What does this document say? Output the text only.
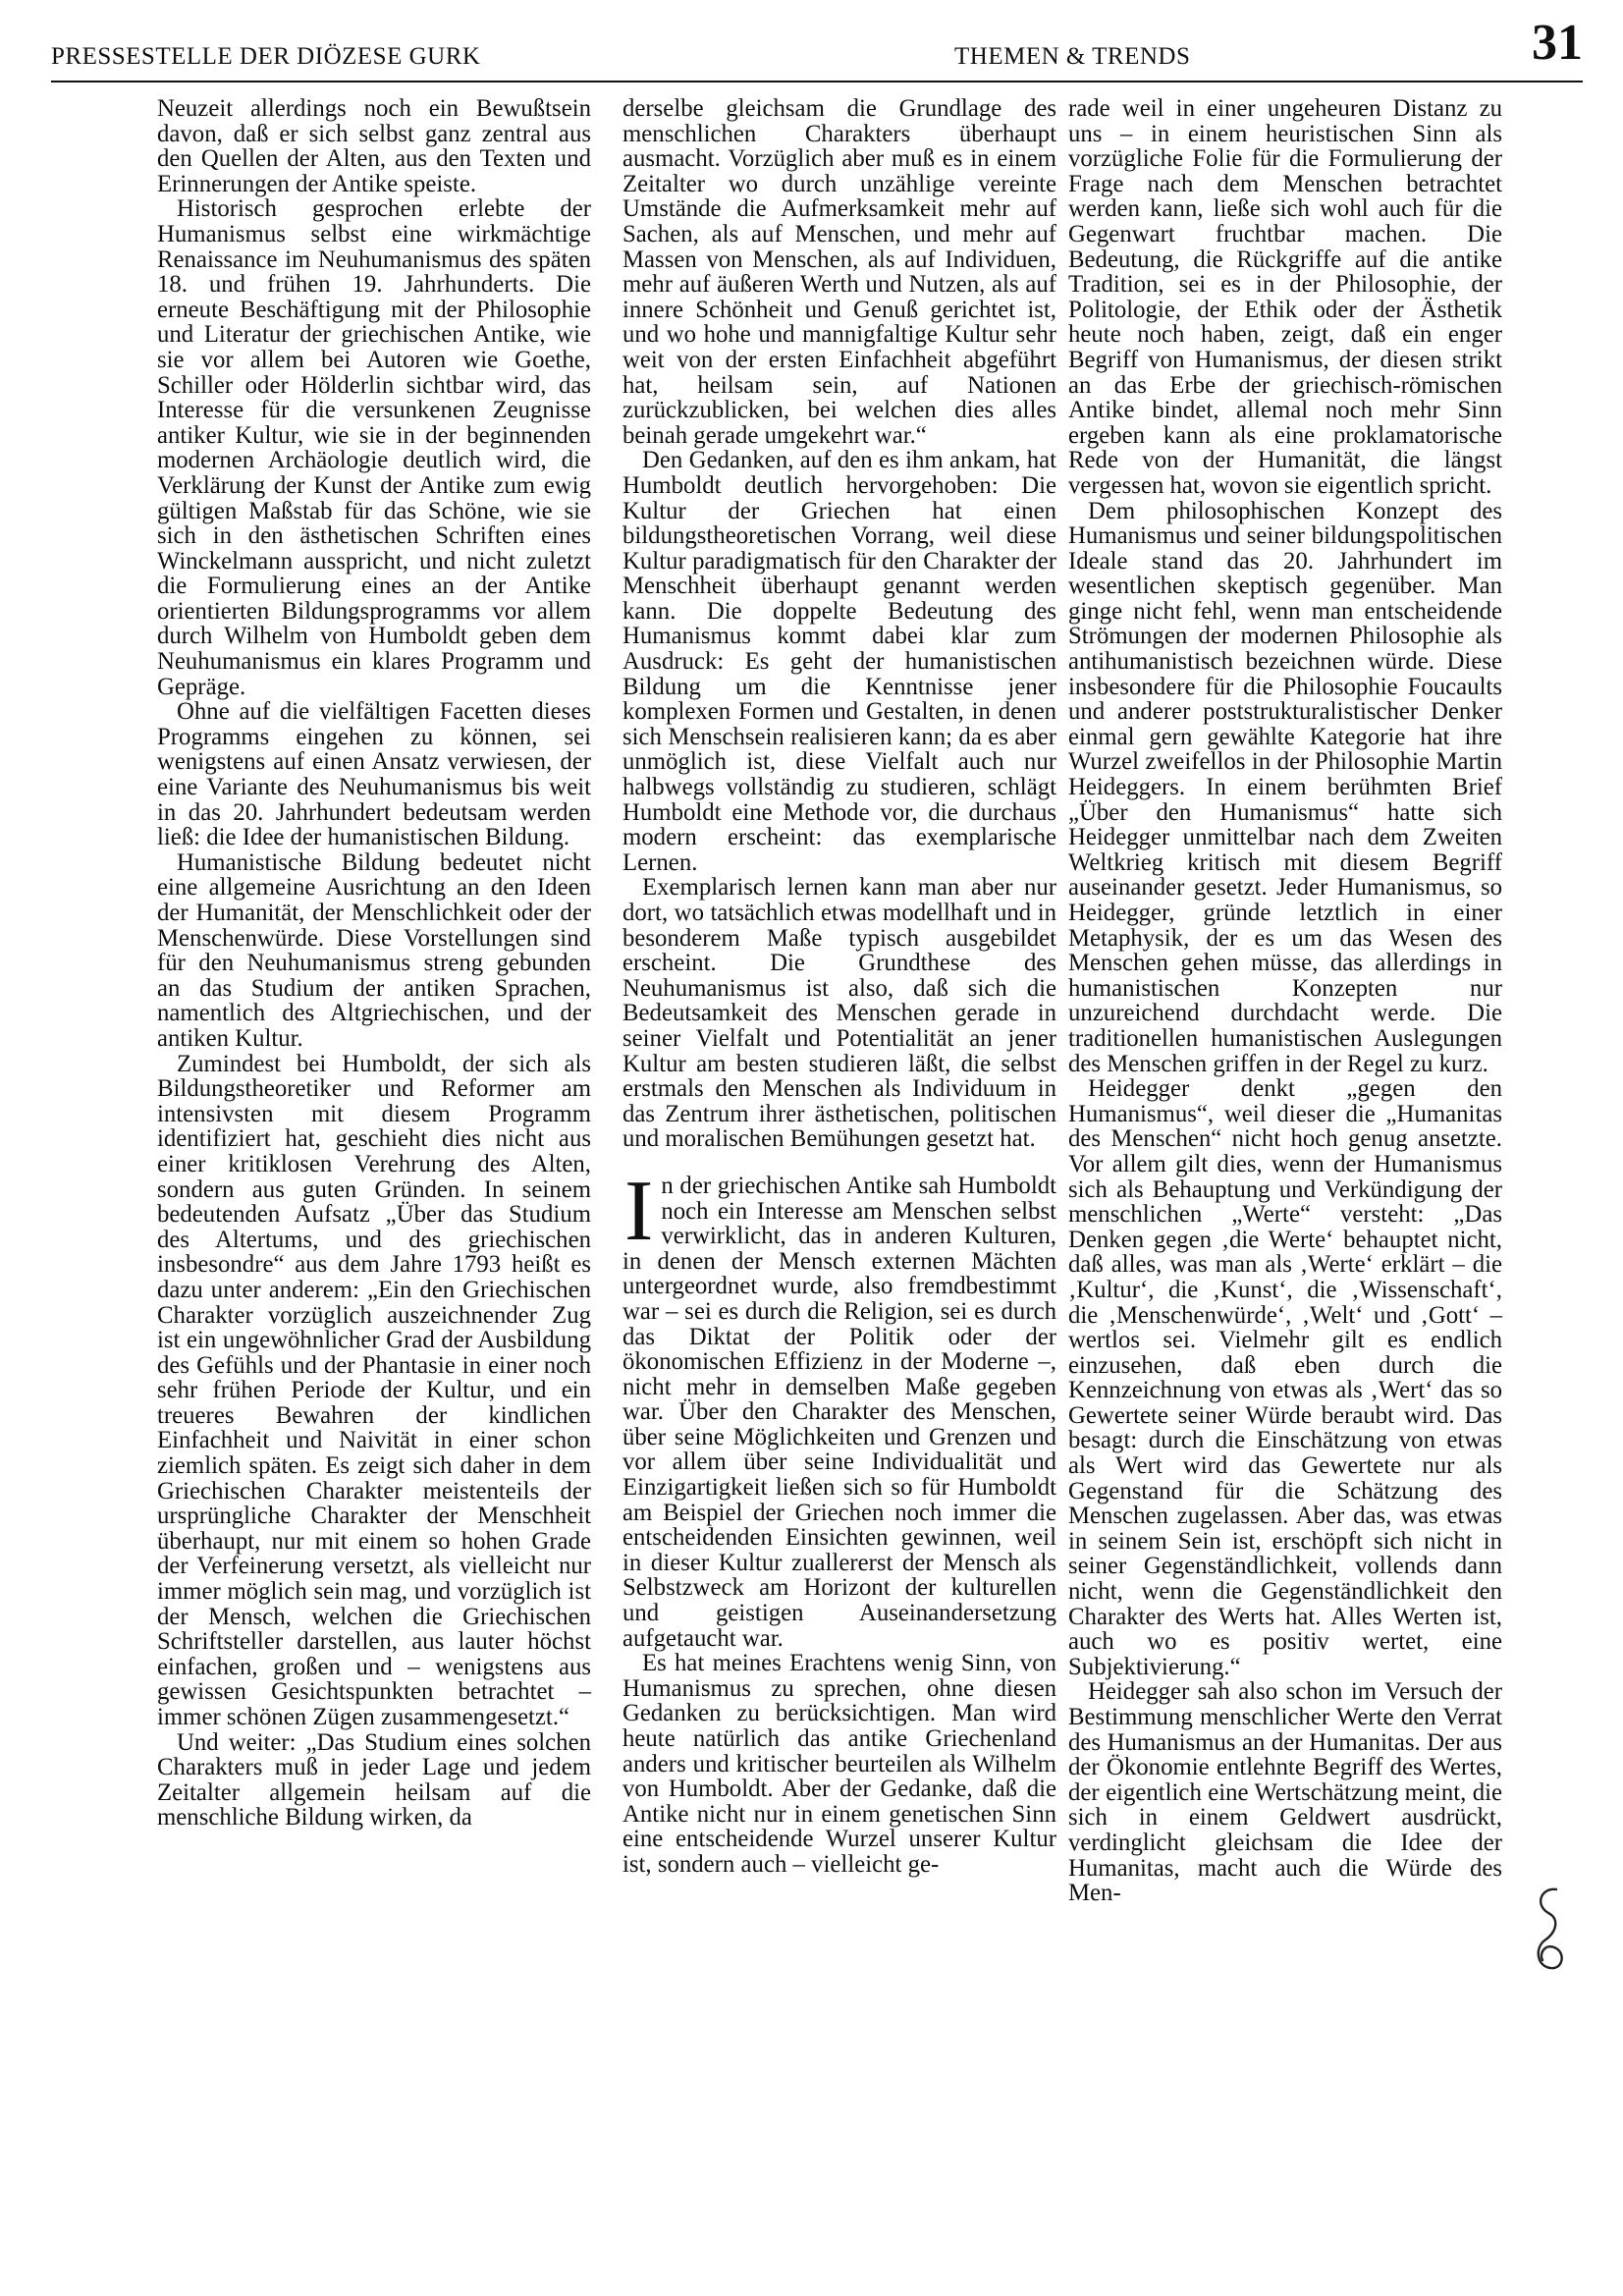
PRESSESTELLE DER DIÖZESE GURK	THEMEN & TRENDS	31

Neuzeit allerdings noch ein Bewußtsein davon, daß er sich selbst ganz zentral aus den Quellen der Alten, aus den Texten und Erinnerungen der Antike speiste.

Historisch gesprochen erlebte der Humanismus selbst eine wirkmächtige Renaissance im Neuhumanismus des späten 18. und frühen 19. Jahrhunderts. Die erneute Beschäftigung mit der Philosophie und Literatur der griechischen Antike, wie sie vor allem bei Autoren wie Goethe, Schiller oder Hölderlin sichtbar wird, das Interesse für die versunkenen Zeugnisse antiker Kultur, wie sie in der beginnenden modernen Archäologie deutlich wird, die Verklärung der Kunst der Antike zum ewig gültigen Maßstab für das Schöne, wie sie sich in den ästhetischen Schriften eines Winckelmann ausspricht, und nicht zuletzt die Formulierung eines an der Antike orientierten Bildungsprogramms vor allem durch Wilhelm von Humboldt geben dem Neuhumanismus ein klares Programm und Gepräge.

Ohne auf die vielfältigen Facetten dieses Programms eingehen zu können, sei wenigstens auf einen Ansatz verwiesen, der eine Variante des Neuhumanismus bis weit in das 20. Jahrhundert bedeutsam werden ließ: die Idee der humanistischen Bildung.

Humanistische Bildung bedeutet nicht eine allgemeine Ausrichtung an den Ideen der Humanität, der Menschlichkeit oder der Menschenwürde. Diese Vorstellungen sind für den Neuhumanismus streng gebunden an das Studium der antiken Sprachen, namentlich des Altgriechischen, und der antiken Kultur.

Zumindest bei Humboldt, der sich als Bildungstheoretiker und Reformer am intensivsten mit diesem Programm identifiziert hat, geschieht dies nicht aus einer kritiklosen Verehrung des Alten, sondern aus guten Gründen. In seinem bedeutenden Aufsatz „Über das Studium des Altertums, und des griechischen insbesondre“ aus dem Jahre 1793 heißt es dazu unter anderem: „Ein den Griechischen Charakter vorzüglich auszeichnender Zug ist ein ungewöhnlicher Grad der Ausbildung des Gefühls und der Phantasie in einer noch sehr frühen Periode der Kultur, und ein treueres Bewahren der kindlichen Einfachheit und Naivität in einer schon ziemlich späten. Es zeigt sich daher in dem Griechischen Charakter meistenteils der ursprüngliche Charakter der Menschheit überhaupt, nur mit einem so hohen Grade der Verfeinerung versetzt, als vielleicht nur immer möglich sein mag, und vorzüglich ist der Mensch, welchen die Griechischen Schriftsteller darstellen, aus lauter höchst einfachen, großen und – wenigstens aus gewissen Gesichtspunkten betrachtet – immer schönen Zügen zusammengesetzt.“

Und weiter: „Das Studium eines solchen Charakters muß in jeder Lage und jedem Zeitalter allgemein heilsam auf die menschliche Bildung wirken, da

derselbe gleichsam die Grundlage des menschlichen Charakters überhaupt ausmacht. Vorzüglich aber muß es in einem Zeitalter wo durch unzählige vereinte Umstände die Aufmerksamkeit mehr auf Sachen, als auf Menschen, und mehr auf Massen von Menschen, als auf Individuen, mehr auf äußeren Werth und Nutzen, als auf innere Schönheit und Genuß gerichtet ist, und wo hohe und mannigfaltige Kultur sehr weit von der ersten Einfachheit abgeführt hat, heilsam sein, auf Nationen zurückzublicken, bei welchen dies alles beinah gerade umgekehrt war.“

Den Gedanken, auf den es ihm ankam, hat Humboldt deutlich hervorgehoben: Die Kultur der Griechen hat einen bildungstheoretischen Vorrang, weil diese Kultur paradigmatisch für den Charakter der Menschheit überhaupt genannt werden kann. Die doppelte Bedeutung des Humanismus kommt dabei klar zum Ausdruck: Es geht der humanistischen Bildung um die Kenntnisse jener komplexen Formen und Gestalten, in denen sich Menschsein realisieren kann; da es aber unmöglich ist, diese Vielfalt auch nur halbwegs vollständig zu studieren, schlägt Humboldt eine Methode vor, die durchaus modern erscheint: das exemplarische Lernen.

Exemplarisch lernen kann man aber nur dort, wo tatsächlich etwas modellhaft und in besonderem Maße typisch ausgebildet erscheint. Die Grundthese des Neuhumanismus ist also, daß sich die Bedeutsamkeit des Menschen gerade in seiner Vielfalt und Potentialität an jener Kultur am besten studieren läßt, die selbst erstmals den Menschen als Individuum in das Zentrum ihrer ästhetischen, politischen und moralischen Bemühungen gesetzt hat.

In der griechischen Antike sah Humboldt noch ein Interesse am Menschen selbst verwirklicht, das in anderen Kulturen, in denen der Mensch externen Mächten untergeordnet wurde, also fremdbestimmt war – sei es durch die Religion, sei es durch das Diktat der Politik oder der ökonomischen Effizienz in der Moderne –, nicht mehr in demselben Maße gegeben war. Über den Charakter des Menschen, über seine Möglichkeiten und Grenzen und vor allem über seine Individualität und Einzigartigkeit ließen sich so für Humboldt am Beispiel der Griechen noch immer die entscheidenden Einsichten gewinnen, weil in dieser Kultur zuallererst der Mensch als Selbstzweck am Horizont der kulturellen und geistigen Auseinandersetzung aufgetaucht war.

Es hat meines Erachtens wenig Sinn, von Humanismus zu sprechen, ohne diesen Gedanken zu berücksichtigen. Man wird heute natürlich das antike Griechenland anders und kritischer beurteilen als Wilhelm von Humboldt. Aber der Gedanke, daß die Antike nicht nur in einem genetischen Sinn eine entscheidende Wurzel unserer Kultur ist, sondern auch – vielleicht ge-

rade weil in einer ungeheuren Distanz zu uns – in einem heuristischen Sinn als vorzügliche Folie für die Formulierung der Frage nach dem Menschen betrachtet werden kann, ließe sich wohl auch für die Gegenwart fruchtbar machen. Die Bedeutung, die Rückgriffe auf die antike Tradition, sei es in der Philosophie, der Politologie, der Ethik oder der Ästhetik heute noch haben, zeigt, daß ein enger Begriff von Humanismus, der diesen strikt an das Erbe der griechisch-römischen Antike bindet, allemal noch mehr Sinn ergeben kann als eine proklamatorische Rede von der Humanität, die längst vergessen hat, wovon sie eigentlich spricht.

Dem philosophischen Konzept des Humanismus und seiner bildungspolitischen Ideale stand das 20. Jahrhundert im wesentlichen skeptisch gegenüber. Man ginge nicht fehl, wenn man entscheidende Strömungen der modernen Philosophie als antihumanistisch bezeichnen würde. Diese insbesondere für die Philosophie Foucaults und anderer poststrukturalistischer Denker einmal gern gewählte Kategorie hat ihre Wurzel zweifellos in der Philosophie Martin Heideggers. In einem berühmten Brief „Über den Humanismus“ hatte sich Heidegger unmittelbar nach dem Zweiten Weltkrieg kritisch mit diesem Begriff auseinander gesetzt. Jeder Humanismus, so Heidegger, gründe letztlich in einer Metaphysik, der es um das Wesen des Menschen gehen müsse, das allerdings in humanistischen Konzepten nur unzureichend durchdacht werde. Die traditionellen humanistischen Auslegungen des Menschen griffen in der Regel zu kurz.

Heidegger denkt „gegen den Humanismus“, weil dieser die „Humanitas des Menschen“ nicht hoch genug ansetzte. Vor allem gilt dies, wenn der Humanismus sich als Behauptung und Verkündigung der menschlichen „Werte“ versteht: „Das Denken gegen ‚die Werte‘ behauptet nicht, daß alles, was man als ‚Werte‘ erklärt – die ‚Kultur‘, die ‚Kunst‘, die ‚Wissenschaft‘, die ‚Menschenwürde‘, ‚Welt‘ und ‚Gott‘ – wertlos sei. Vielmehr gilt es endlich einzusehen, daß eben durch die Kennzeichnung von etwas als ‚Wert‘ das so Gewertete seiner Würde beraubt wird. Das besagt: durch die Einschätzung von etwas als Wert wird das Gewertete nur als Gegenstand für die Schätzung des Menschen zugelassen. Aber das, was etwas in seinem Sein ist, erschöpft sich nicht in seiner Gegenständlichkeit, vollends dann nicht, wenn die Gegenständlichkeit den Charakter des Werts hat. Alles Werten ist, auch wo es positiv wertet, eine Subjektivierung.“

Heidegger sah also schon im Versuch der Bestimmung menschlicher Werte den Verrat des Humanismus an der Humanitas. Der aus der Ökonomie entlehnte Begriff des Wertes, der eigentlich eine Wertschätzung meint, die sich in einem Geldwert ausdrückt, verdinglicht gleichsam die Idee der Humanitas, macht auch die Würde des Men-
